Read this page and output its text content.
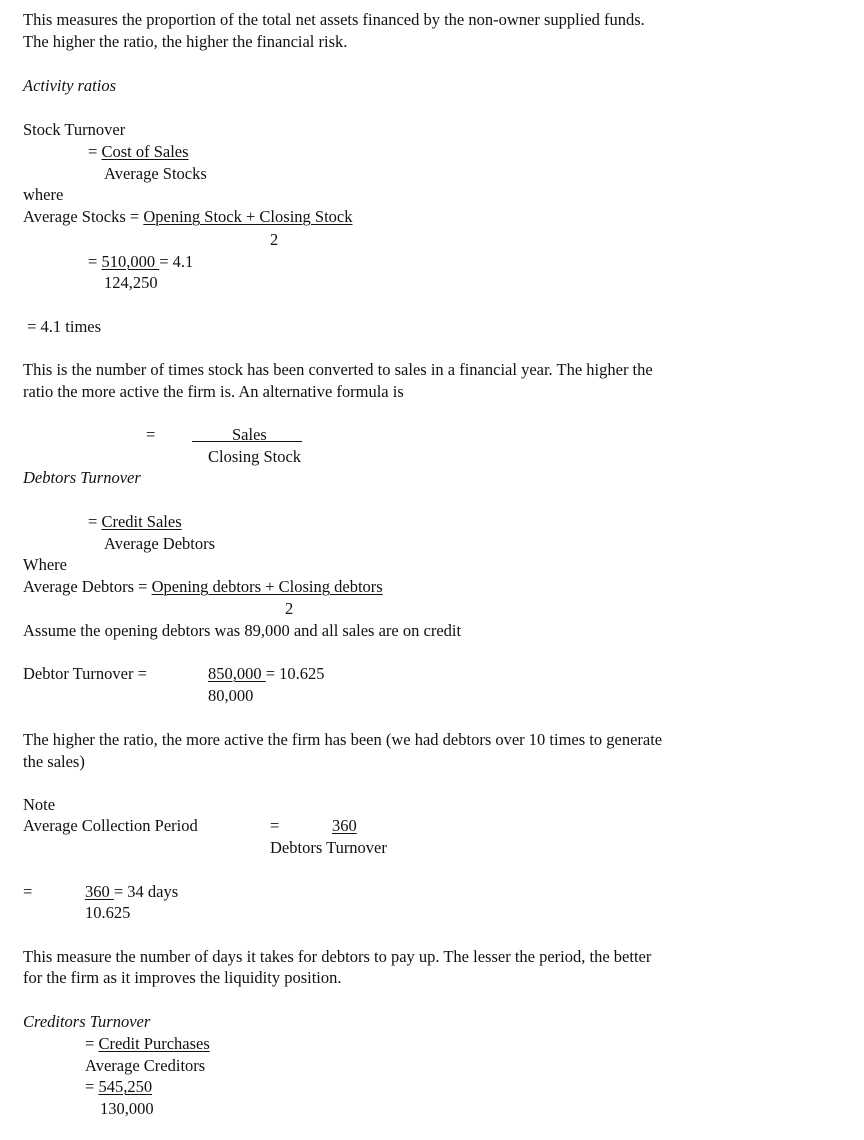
This measures the proportion of the total net assets financed by the non-owner supplied funds.
The higher the ratio, the higher the financial risk.
Activity ratios
Stock Turnover
= Cost of Sales
Average Stocks
where
Average Stocks = Opening Stock + Closing Stock
2
= 510,000 = 4.1
124,250
= 4.1 times
This is the number of times stock has been converted to sales in a financial year. The higher the
ratio the more active the firm is. An alternative formula is
=	Sales
Closing Stock
Debtors Turnover
= Credit Sales
Average Debtors
Where
Average Debtors = Opening debtors + Closing debtors
2
Assume the opening debtors was 89,000 and all sales are on credit
Debtor Turnover =	850,000 = 10.625
80,000
The higher the ratio, the more active the firm has been (we had debtors over 10 times to generate
the sales)
Note
Average Collection Period	=	360
Debtors Turnover
=	360 = 34 days
10.625
This measure the number of days it takes for debtors to pay up. The lesser the period, the better
for the firm as it improves the liquidity position.
Creditors Turnover
= Credit Purchases
Average Creditors
= 545,250
130,000
